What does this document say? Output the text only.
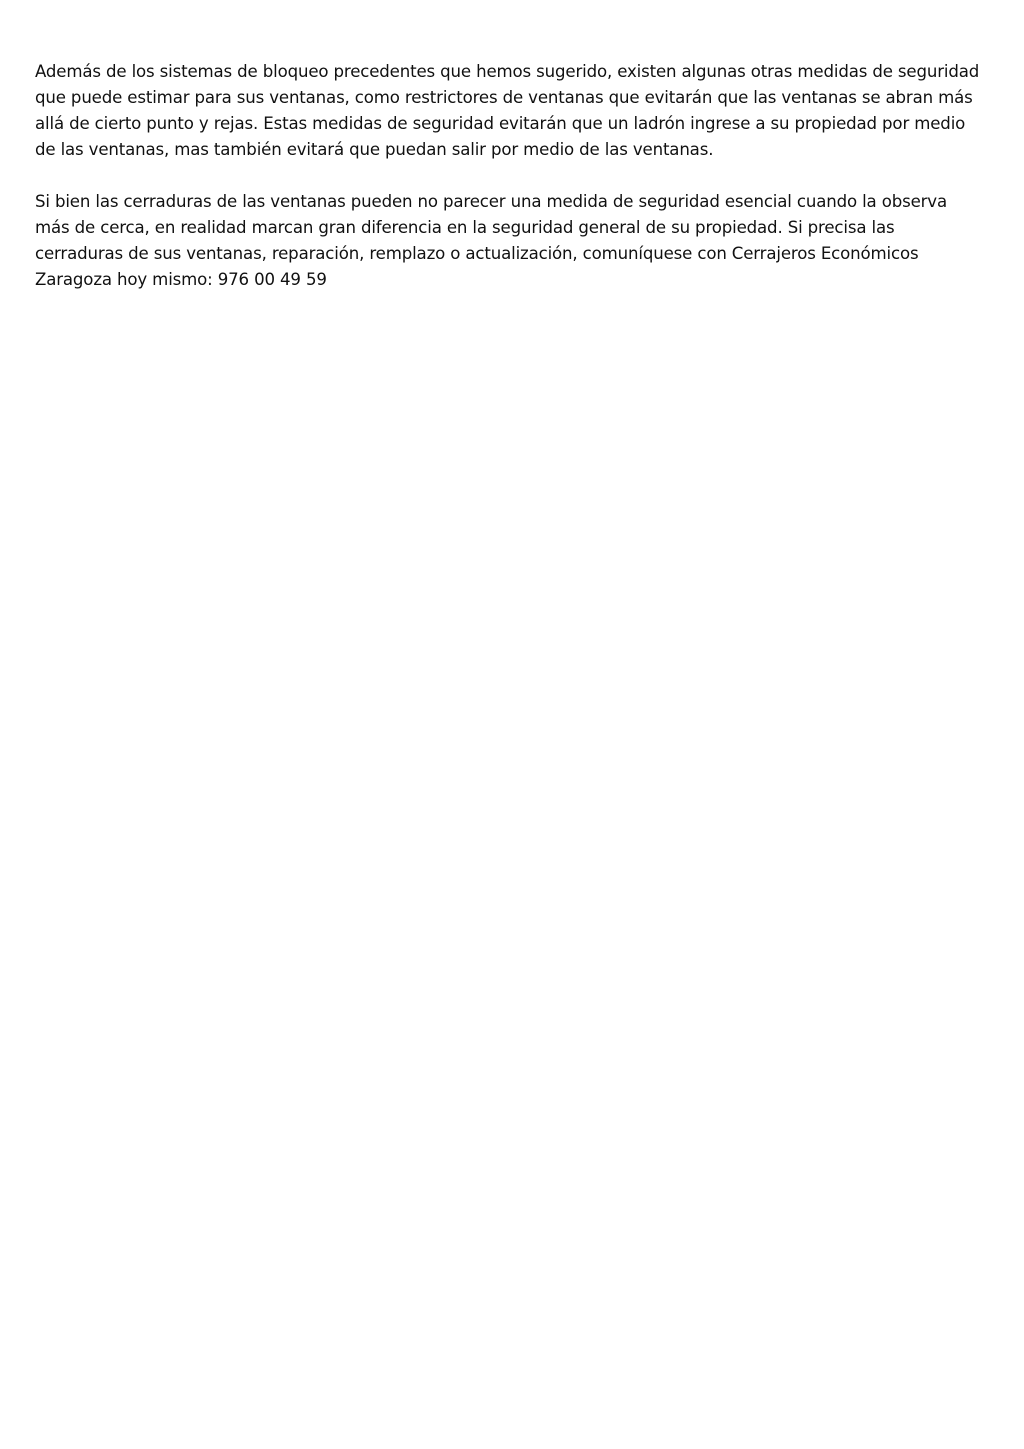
Además de los sistemas de bloqueo precedentes que hemos sugerido, existen algunas otras medidas de seguridad que puede estimar para sus ventanas, como restrictores de ventanas que evitarán que las ventanas se abran más allá de cierto punto y rejas. Estas medidas de seguridad evitarán que un ladrón ingrese a su propiedad por medio de las ventanas, mas también evitará que puedan salir por medio de las ventanas.

Si bien las cerraduras de las ventanas pueden no parecer una medida de seguridad esencial cuando la observa más de cerca, en realidad marcan gran diferencia en la seguridad general de su propiedad. Si precisa las cerraduras de sus ventanas, reparación, remplazo o actualización, comuníquese con Cerrajeros Económicos Zaragoza hoy mismo: 976 00 49 59
